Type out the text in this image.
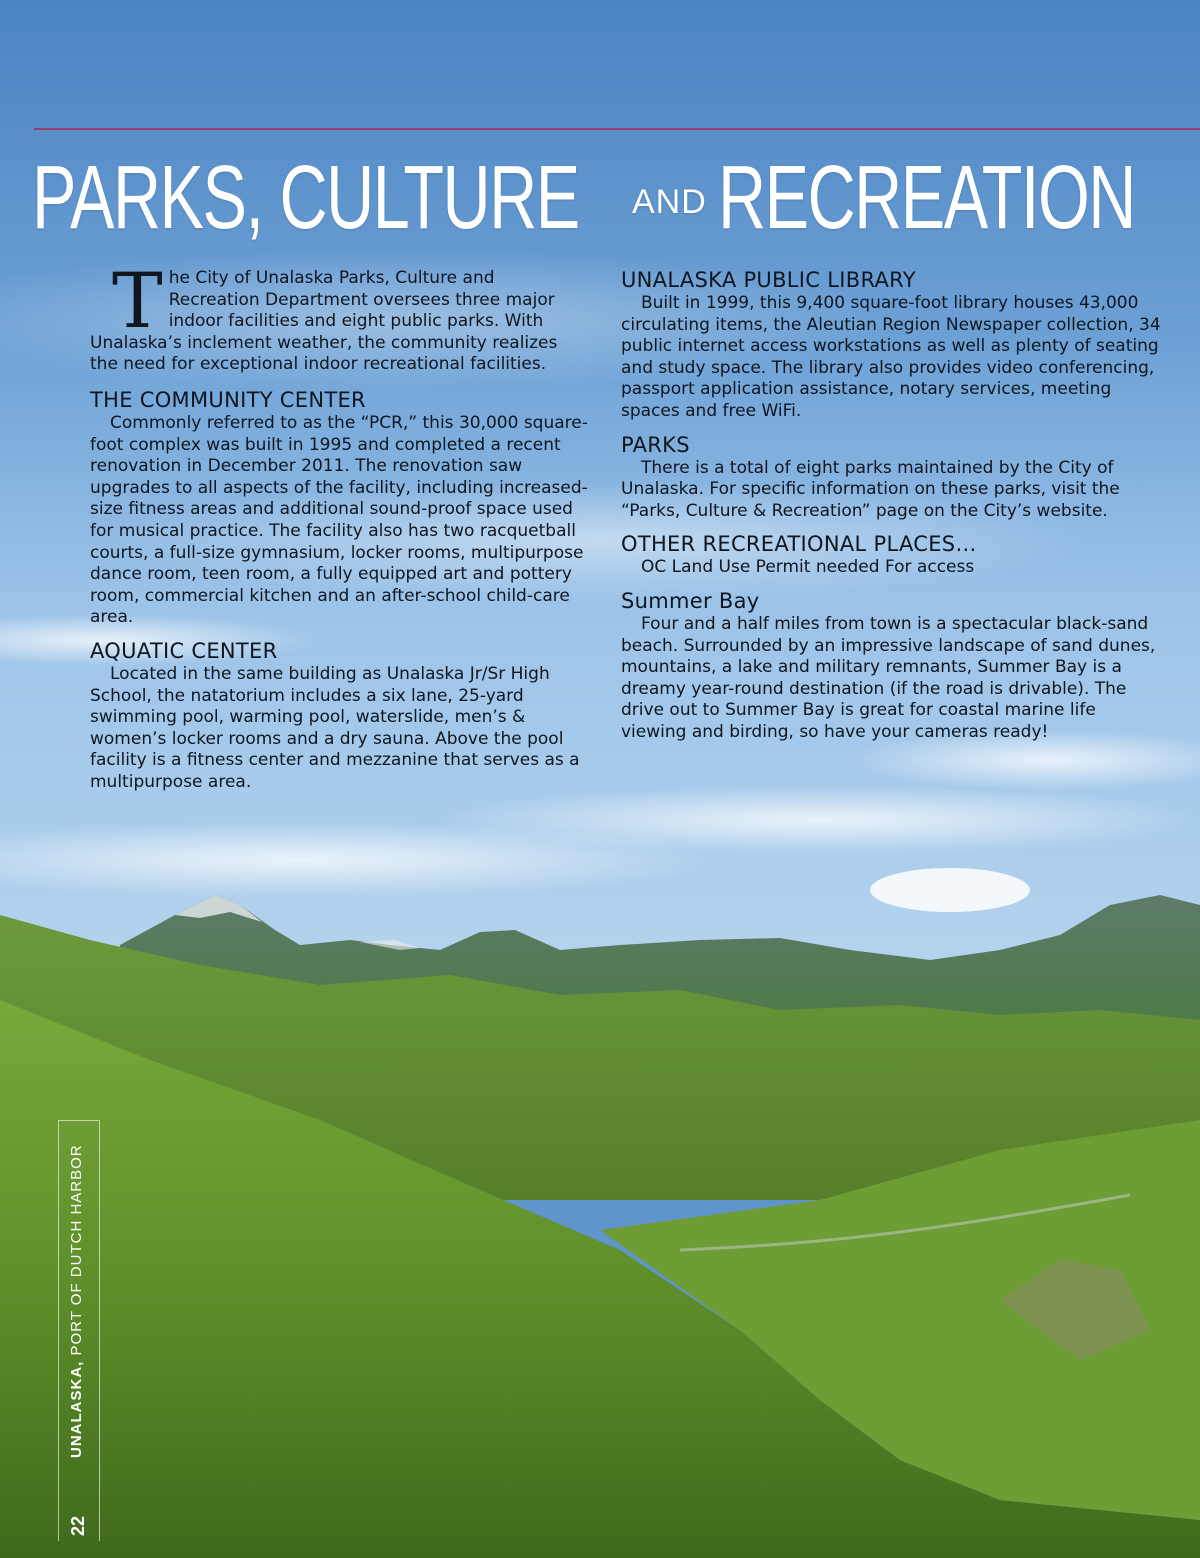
PARKS, CULTURE AND RECREATION
T he City of Unalaska Parks, Culture and Recreation Department oversees three major indoor facilities and eight public parks. With Unalaska’s inclement weather, the community realizes the need for exceptional indoor recreational facilities.

THE COMMUNITY CENTER

Commonly referred to as the “PCR,” this 30,000 square-foot complex was built in 1995 and completed a recent renovation in December 2011. The renovation saw upgrades to all aspects of the facility, including increased-size fitness areas and additional sound-proof space used for musical practice. The facility also has two racquetball courts, a full-size gymnasium, locker rooms, multipurpose dance room, teen room, a fully equipped art and pottery room, commercial kitchen and an after-school child-care area.

AQUATIC CENTER

Located in the same building as Unalaska Jr/Sr High School, the natatorium includes a six lane, 25-yard swimming pool, warming pool, waterslide, men’s & women’s locker rooms and a dry sauna. Above the pool facility is a fitness center and mezzanine that serves as a multipurpose area.

UNALASKA PUBLIC LIBRARY

Built in 1999, this 9,400 square-foot library houses 43,000 circulating items, the Aleutian Region Newspaper collection, 34 public internet access workstations as well as plenty of seating and study space. The library also provides video conferencing, passport application assistance, notary services, meeting spaces and free WiFi.

PARKS

There is a total of eight parks maintained by the City of Unalaska. For specific information on these parks, visit the “Parks, Culture & Recreation” page on the City’s website.

OTHER RECREATIONAL PLACES…

OC Land Use Permit needed For access

Summer Bay

Four and a half miles from town is a spectacular black-sand beach. Surrounded by an impressive landscape of sand dunes, mountains, a lake and military remnants, Summer Bay is a dreamy year-round destination (if the road is drivable). The drive out to Summer Bay is great for coastal marine life viewing and birding, so have your cameras ready!

UNALASKA, PORT OF DUTCH HARBOR
22
